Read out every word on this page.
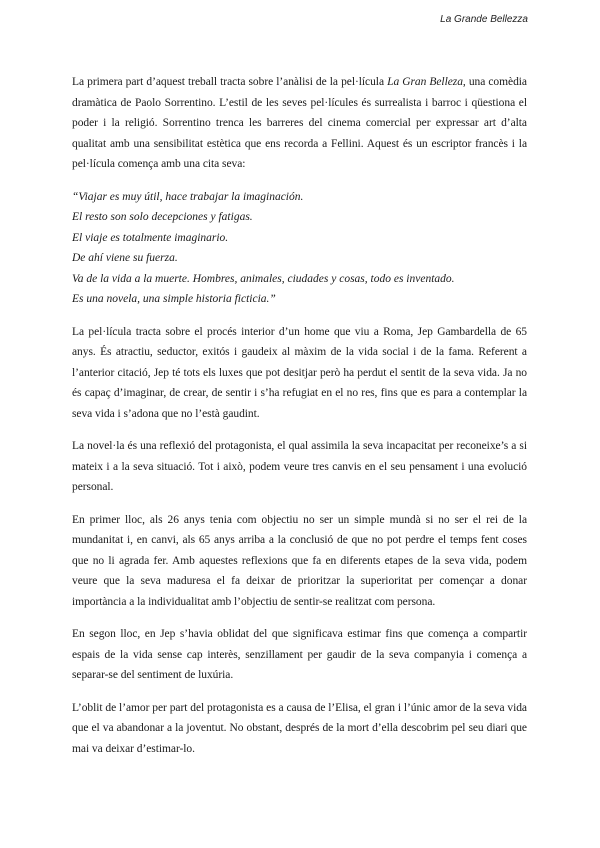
La Grande Bellezza

La primera part d’aquest treball tracta sobre l’anàlisi de la pel·lícula La Gran Belleza, una comèdia dramàtica de Paolo Sorrentino. L’estil de les seves pel·lícules és surrealista i barroc i qüestiona el poder i la religió. Sorrentino trenca les barreres del cinema comercial per expressar art d’alta qualitat amb una sensibilitat estètica que ens recorda a Fellini. Aquest és un escriptor francès i la pel·lícula comença amb una cita seva:

“Viajar es muy útil, hace trabajar la imaginación.
El resto son solo decepciones y fatigas.
El viaje es totalmente imaginario.
De ahí viene su fuerza.
Va de la vida a la muerte. Hombres, animales, ciudades y cosas, todo es inventado.
Es una novela, una simple historia ficticia.”

La pel·lícula tracta sobre el procés interior d’un home que viu a Roma, Jep Gambardella de 65 anys. És atractiu, seductor, exitós i gaudeix al màxim de la vida social i de la fama. Referent a l’anterior citació, Jep té tots els luxes que pot desitjar però ha perdut el sentit de la seva vida. Ja no és capaç d’imaginar, de crear, de sentir i s’ha refugiat en el no res, fins que es para a contemplar la seva vida i s’adona que no l’està gaudint.

La novel·la és una reflexió del protagonista, el qual assimila la seva incapacitat per reconeixe’s a si mateix i a la seva situació. Tot i això, podem veure tres canvis en el seu pensament i una evolució personal.

En primer lloc, als 26 anys tenia com objectiu no ser un simple mundà si no ser el rei de la mundanitat i, en canvi, als 65 anys arriba a la conclusió de que no pot perdre el temps fent coses que no li agrada fer. Amb aquestes reflexions que fa en diferents etapes de la seva vida, podem veure que la seva maduresa el fa deixar de prioritzar la superioritat per començar a donar importància a la individualitat amb l’objectiu de sentir-se realitzat com persona.

En segon lloc, en Jep s’havia oblidat del que significava estimar fins que comença a compartir espais de la vida sense cap interès, senzillament per gaudir de la seva companyia i comença a separar-se del sentiment de luxúria.

L’oblit de l’amor per part del protagonista es a causa de l’Elisa, el gran i l’únic amor de la seva vida que el va abandonar a la joventut. No obstant, després de la mort d’ella descobrim pel seu diari que mai va deixar d’estimar-lo.
